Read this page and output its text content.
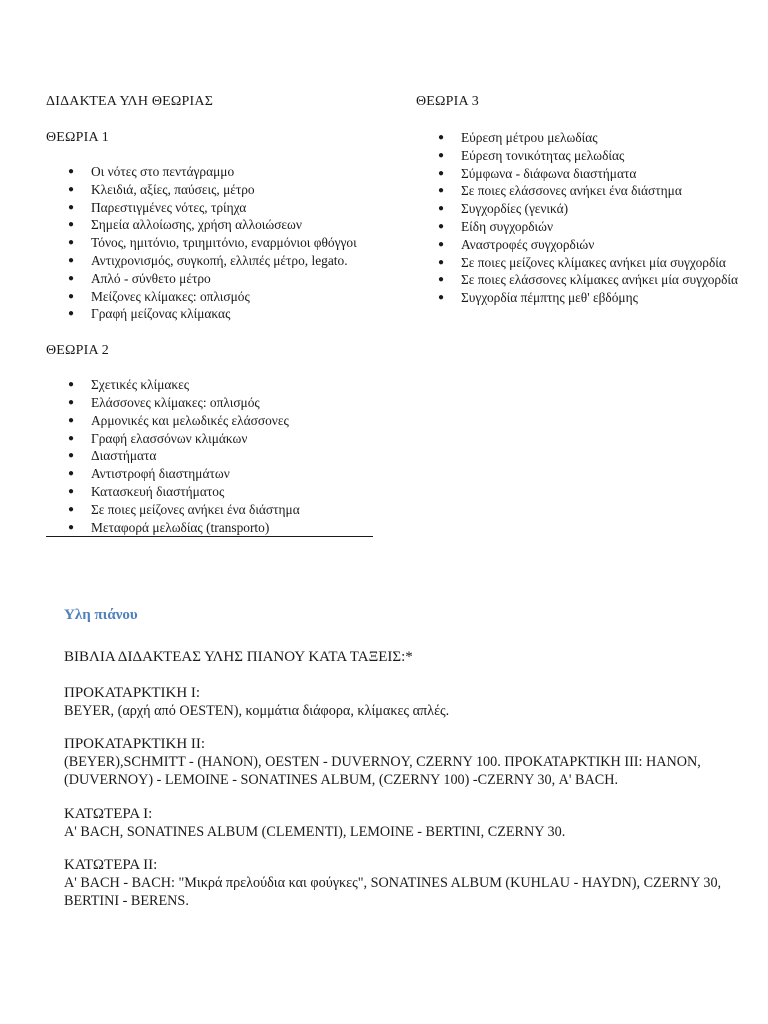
ΔΙΔΑΚΤΕΑ ΥΛΗ ΘΕΩΡΙΑΣ

ΘΕΩΡΙΑ 1

●	Οι νότες στο πεντάγραμμο
●	Κλειδιά, αξίες, παύσεις, μέτρο
●	Παρεστιγμένες νότες, τρίηχα
●	Σημεία αλλοίωσης, χρήση αλλοιώσεων
●	Τόνος, ημιτόνιο, τριημιτόνιο, εναρμόνιοι φθόγγοι
●	Αντιχρονισμός, συγκοπή, ελλιπές μέτρο, legato.
●	Απλό - σύνθετο μέτρο
●	Μείζονες κλίμακες: οπλισμός
●	Γραφή μείζονας κλίμακας

ΘΕΩΡΙΑ 2

●	Σχετικές κλίμακες
●	Ελάσσονες κλίμακες: οπλισμός
●	Αρμονικές και μελωδικές ελάσσονες
●	Γραφή ελασσόνων κλιμάκων
●	Διαστήματα
●	Αντιστροφή διαστημάτων
●	Κατασκευή διαστήματος
●	Σε ποιες μείζονες ανήκει ένα διάστημα
●	Μεταφορά μελωδίας (transporto)

ΘΕΩΡΙΑ 3

●	Εύρεση μέτρου μελωδίας
●	Εύρεση τονικότητας μελωδίας
●	Σύμφωνα - διάφωνα διαστήματα
●	Σε ποιες ελάσσονες ανήκει ένα διάστημα
●	Συγχορδίες (γενικά)
●	Είδη συγχορδιών
●	Αναστροφές συγχορδιών
●	Σε ποιες μείζονες κλίμακες ανήκει μία συγχορδία
●	Σε ποιες ελάσσονες κλίμακες ανήκει μία συγχορδία
●	Συγχορδία πέμπτης μεθ' εβδόμης

Υλη πιάνου

ΒΙΒΛΙΑ ΔΙΔΑΚΤΕΑΣ ΥΛΗΣ ΠΙΑΝΟΥ ΚΑΤΑ ΤΑΞΕΙΣ:*

ΠΡΟΚΑΤΑΡΚΤΙΚΗ Ι:

BEYER, (αρχή από OESTEN), κομμάτια διάφορα, κλίμακες απλές.

ΠΡΟΚΑΤΑΡΚΤΙΚΗ ΙΙ:

(BEYER),SCHMITT - (HANON), OESTEN - DUVERNOY, CZERNY 100. ΠΡΟΚΑΤΑΡΚΤΙΚΗ ΙΙΙ: HANON, (DUVERNOY) - LEMOINE - SONATINES ALBUM, (CZERNY 100) -CZERNY 30, Α' BACH.

ΚΑΤΩΤΕΡΑ Ι:

Α' BACH, SONATINES ALBUM (CLEMENTI), LEMOINE - BERTINI, CZERNY 30.

ΚΑΤΩΤΕΡΑ ΙΙ:

Α' BACH - BACH: "Μικρά πρελούδια και φούγκες", SONATINES ALBUM (KUHLAU - HAYDN), CZERNY 30, BERTINI - BERENS.
